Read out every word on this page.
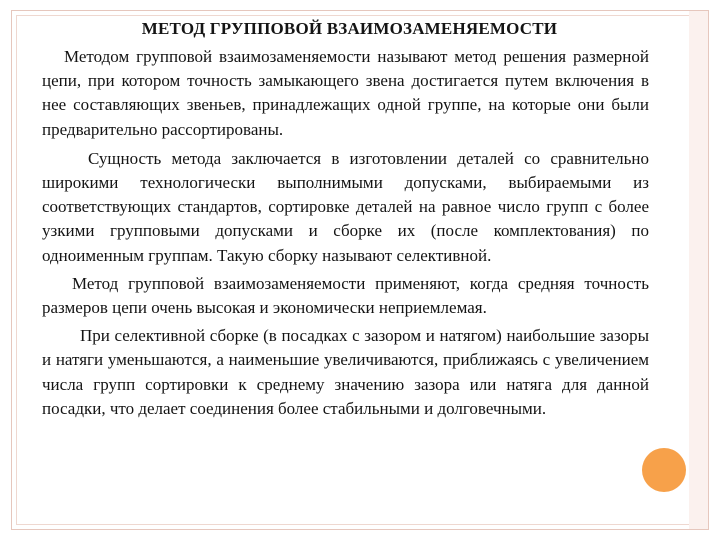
МЕТОД ГРУППОВОЙ ВЗАИМОЗАМЕНЯЕМОСТИ

Методом групповой взаимозаменяемости называют метод решения размерной цепи, при котором точность замыкающего звена достигается путем включения в нее составляющих звеньев, принадлежащих одной группе, на которые они были предварительно рассортированы.

Сущность метода заключается в изготовлении деталей со сравнительно широкими технологически выполнимыми допусками, выбираемыми из соответствующих стандартов, сортировке деталей на равное число групп с более узкими групповыми допусками и сборке их (после комплектования) по одноименным группам. Такую сборку называют селективной.

Метод групповой взаимозаменяемости применяют, когда средняя точность размеров цепи очень высокая и экономически неприемлемая.

При селективной сборке (в посадках с зазором и натягом) наибольшие зазоры и натяги уменьшаются, а наименьшие увеличиваются, приближаясь с увеличением числа групп сортировки к среднему значению зазора или натяга для данной посадки, что делает соединения более стабильными и долговечными.
